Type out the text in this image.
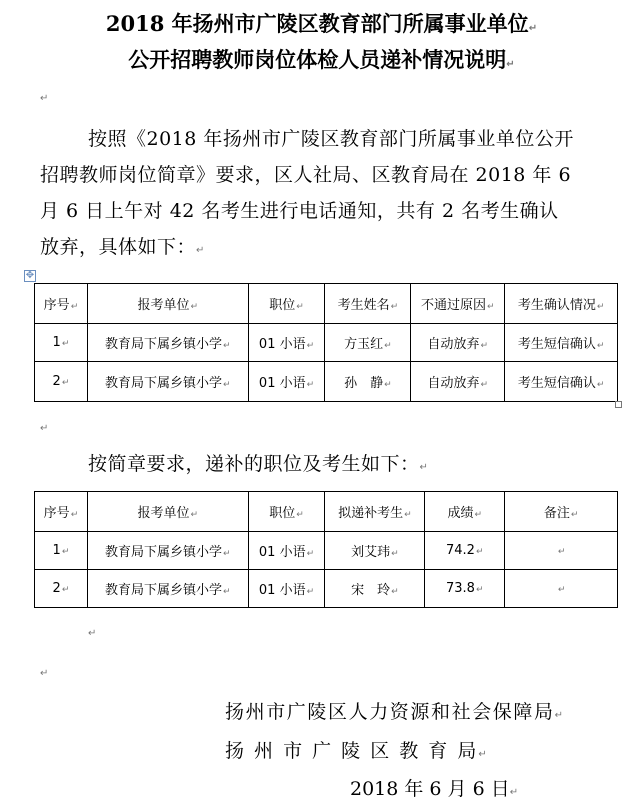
2018 年扬州市广陵区教育部门所属事业单位↵
公开招聘教师岗位体检人员递补情况说明↵
↵
按照《2018 年扬州市广陵区教育部门所属事业单位公开
招聘教师岗位简章》要求，区人社局、区教育局在 2018 年 6
月 6 日上午对 42 名考生进行电话通知，共有 2 名考生确认
放弃，具体如下：↵
✥
序号↵	报考单位↵	职位↵	考生姓名↵	不通过原因↵	考生确认情况↵
1↵	教育局下属乡镇小学↵	01 小语↵	方玉红↵	自动放弃↵	考生短信确认↵
2↵	教育局下属乡镇小学↵	01 小语↵	孙　静↵	自动放弃↵	考生短信确认↵
↵
按简章要求，递补的职位及考生如下：↵
序号↵	报考单位↵	职位↵	拟递补考生↵	成绩↵	备注↵
1↵	教育局下属乡镇小学↵	01 小语↵	刘艾玮↵	74.2↵	↵
2↵	教育局下属乡镇小学↵	01 小语↵	宋　玲↵	73.8↵	↵
↵
↵
扬州市广陵区人力资源和社会保障局↵
扬 州 市 广 陵 区 教 育 局↵
2018 年 6 月 6 日↵
